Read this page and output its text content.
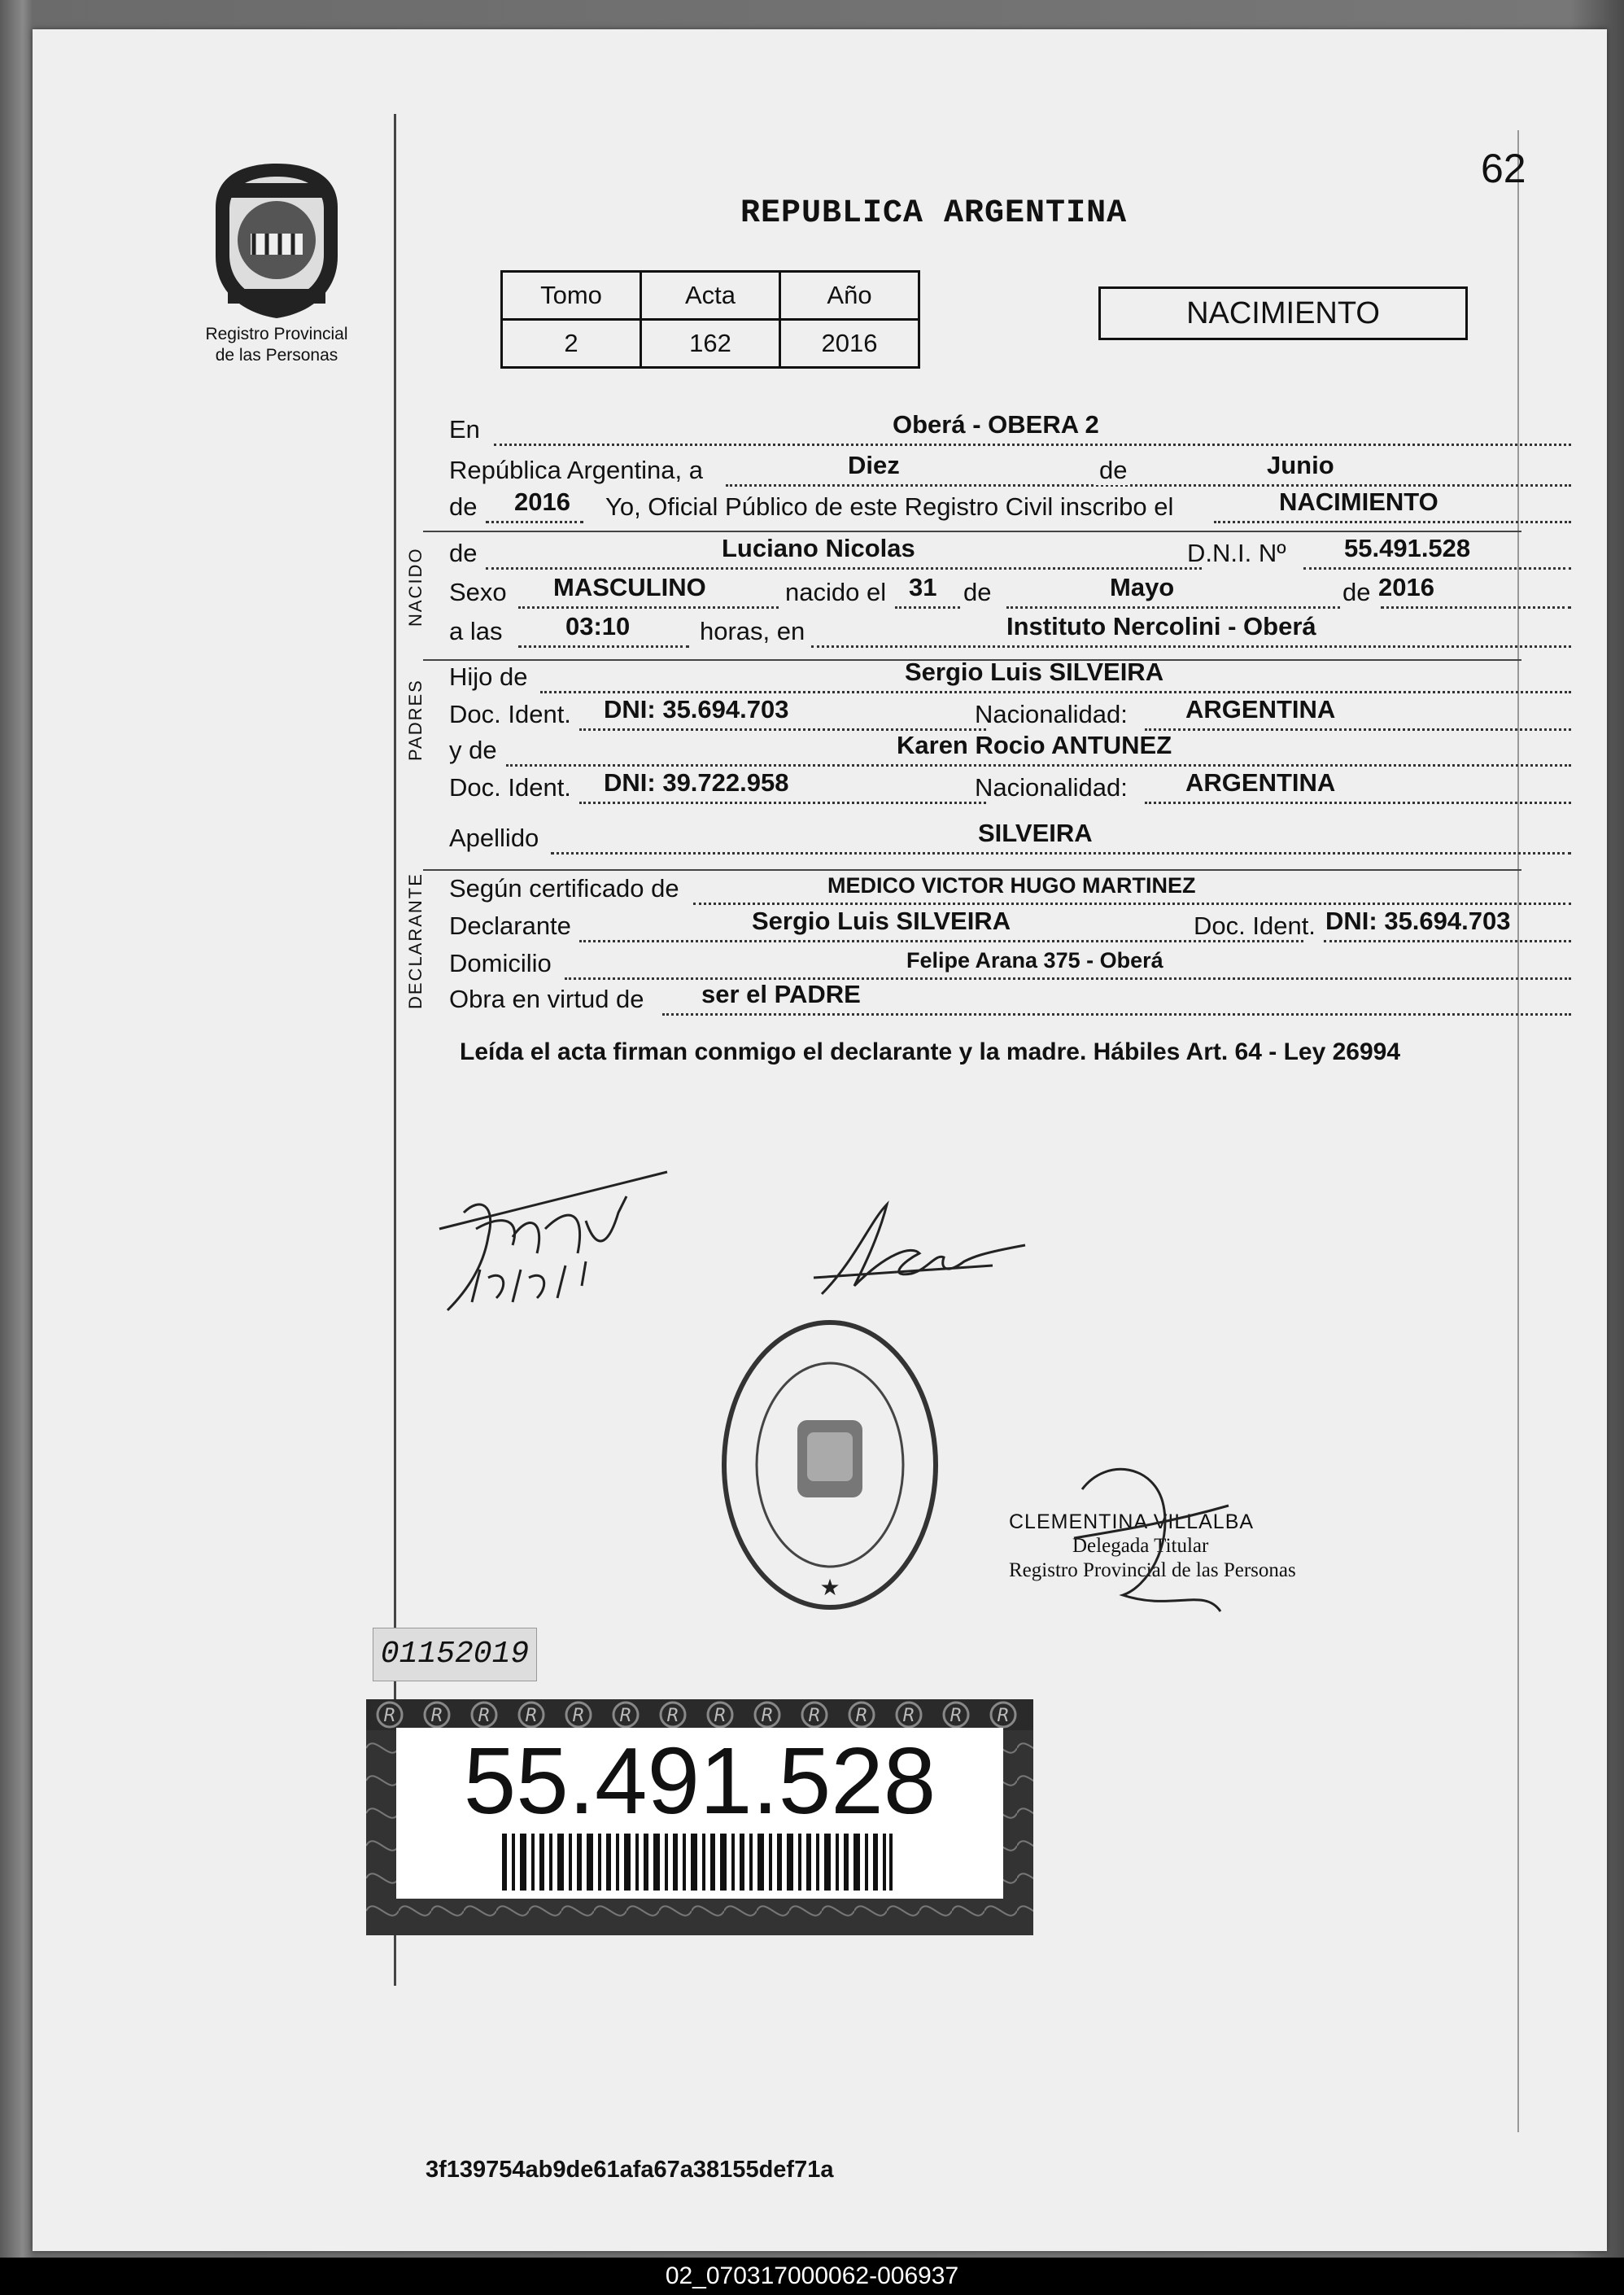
Registro Provincial
de las Personas
62
REPUBLICA ARGENTINA
Tomo	Acta	Año
2	162	2016
NACIMIENTO
En	Oberá - OBERA 2
República Argentina, a	Diez	de	Junio
de 2016 Yo, Oficial Público de este Registro Civil inscribo el	NACIMIENTO
NACIDO de	Luciano Nicolas	D.N.I. Nº 55.491.528
Sexo MASCULINO	nacido el 31 de	Mayo	de 2016
a las	03:10	horas, en	Instituto Nercolini - Oberá
PADRES
Hijo de	Sergio Luis SILVEIRA
Doc. Ident. DNI: 35.694.703	Nacionalidad: ARGENTINA
y de	Karen Rocio ANTUNEZ
Doc. Ident. DNI: 39.722.958	Nacionalidad: ARGENTINA
Apellido	SILVEIRA
DECLARANTE Según certificado de	MEDICO VICTOR HUGO MARTINEZ
Declarante	Sergio Luis SILVEIRA	Doc. Ident. DNI: 35.694.703
Domicilio	Felipe Arana 375 - Oberá
Obra en virtud de ser el PADRE
Leída el acta firman conmigo el declarante y la madre. Hábiles Art. 64 - Ley 26994
★
CLEMENTINA VILLALBA
Delegada Titular
Registro Provincial de las Personas
01152019
55.491.528
3f139754ab9de61afa67a38155def71a
02_070317000062-006937
